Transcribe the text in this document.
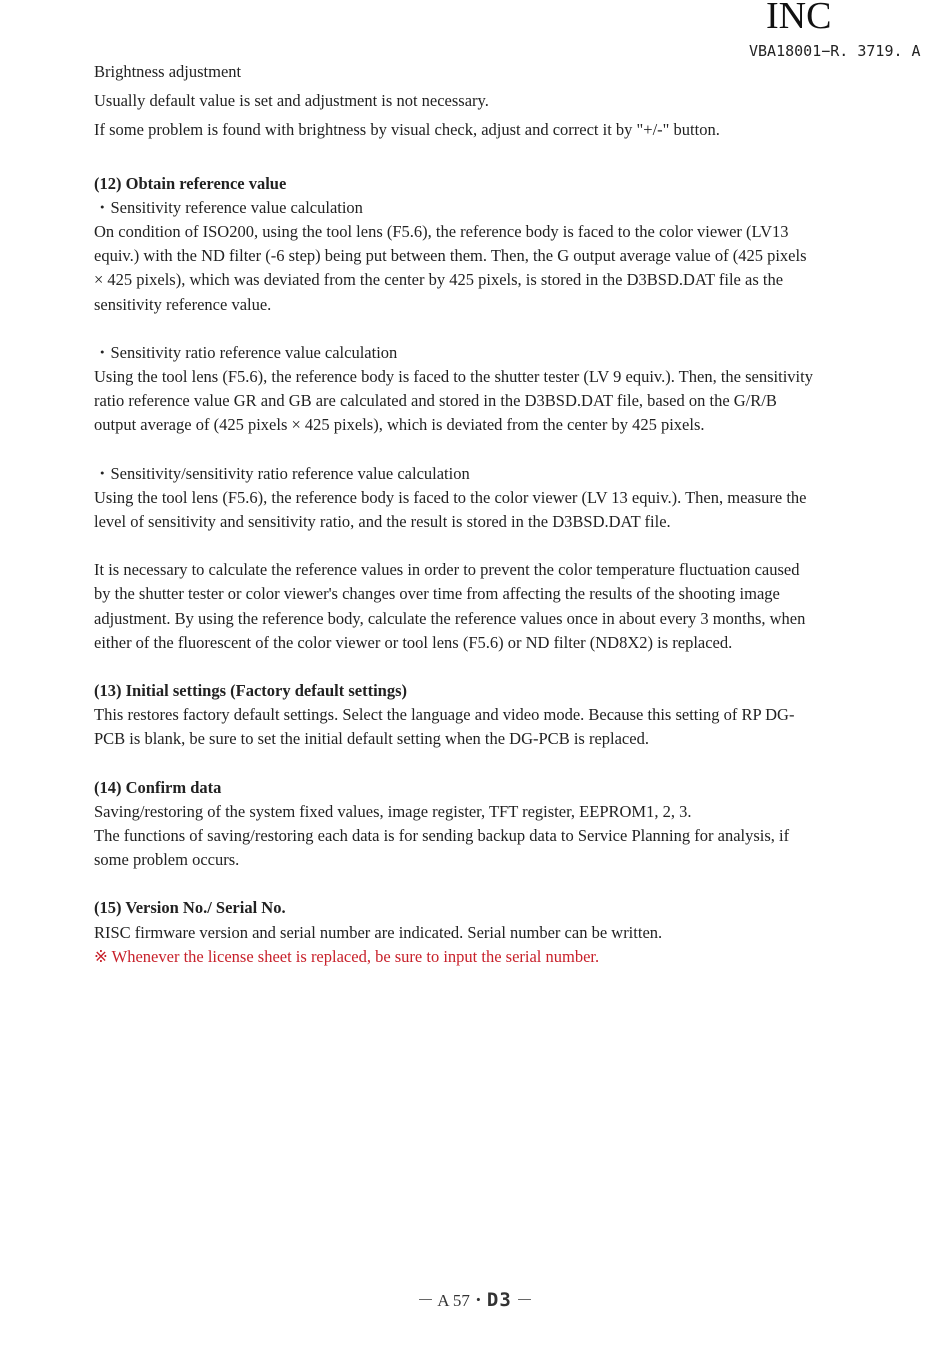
INC
VBA18001−R. 3719. A

Brightness adjustment

Usually default value is set and adjustment is not necessary.

If some problem is found with brightness by visual check, adjust and correct it by "+/-" button.

(12) Obtain reference value

・Sensitivity reference value calculation

On condition of ISO200, using the tool lens (F5.6), the reference body is faced to the color viewer (LV13

equiv.) with the ND filter (-6 step) being put between them. Then, the G output average value of (425 pixels

× 425 pixels), which was deviated from the center by 425 pixels, is stored in the D3BSD.DAT file as the

sensitivity reference value.

・Sensitivity ratio reference value calculation

Using the tool lens (F5.6), the reference body is faced to the shutter tester (LV 9 equiv.). Then, the sensitivity

ratio reference value GR and GB are calculated and stored in the D3BSD.DAT file, based on the G/R/B

output average of (425 pixels × 425 pixels), which is deviated from the center by 425 pixels.

・Sensitivity/sensitivity ratio reference value calculation

Using the tool lens (F5.6), the reference body is faced to the color viewer (LV 13 equiv.). Then, measure the

level of sensitivity and sensitivity ratio, and the result is stored in the D3BSD.DAT file.

It is necessary to calculate the reference values in order to prevent the color temperature fluctuation caused

by the shutter tester or color viewer's changes over time from affecting the results of the shooting image

adjustment. By using the reference body, calculate the reference values once in about every 3 months, when

either of the fluorescent of the color viewer or tool lens (F5.6) or ND filter (ND8X2) is replaced.

(13) Initial settings (Factory default settings)

This restores factory default settings. Select the language and video mode. Because this setting of RP DG-

PCB is blank, be sure to set the initial default setting when the DG-PCB is replaced.

(14) Confirm data

Saving/restoring of the system fixed values, image register, TFT register, EEPROM1, 2, 3.

The functions of saving/restoring each data is for sending backup data to Service Planning for analysis, if

some problem occurs.

(15) Version No./ Serial No.

RISC firmware version and serial number are indicated. Serial number can be written.

※ Whenever the license sheet is replaced, be sure to input the serial number.

－ A 57・D3 －
